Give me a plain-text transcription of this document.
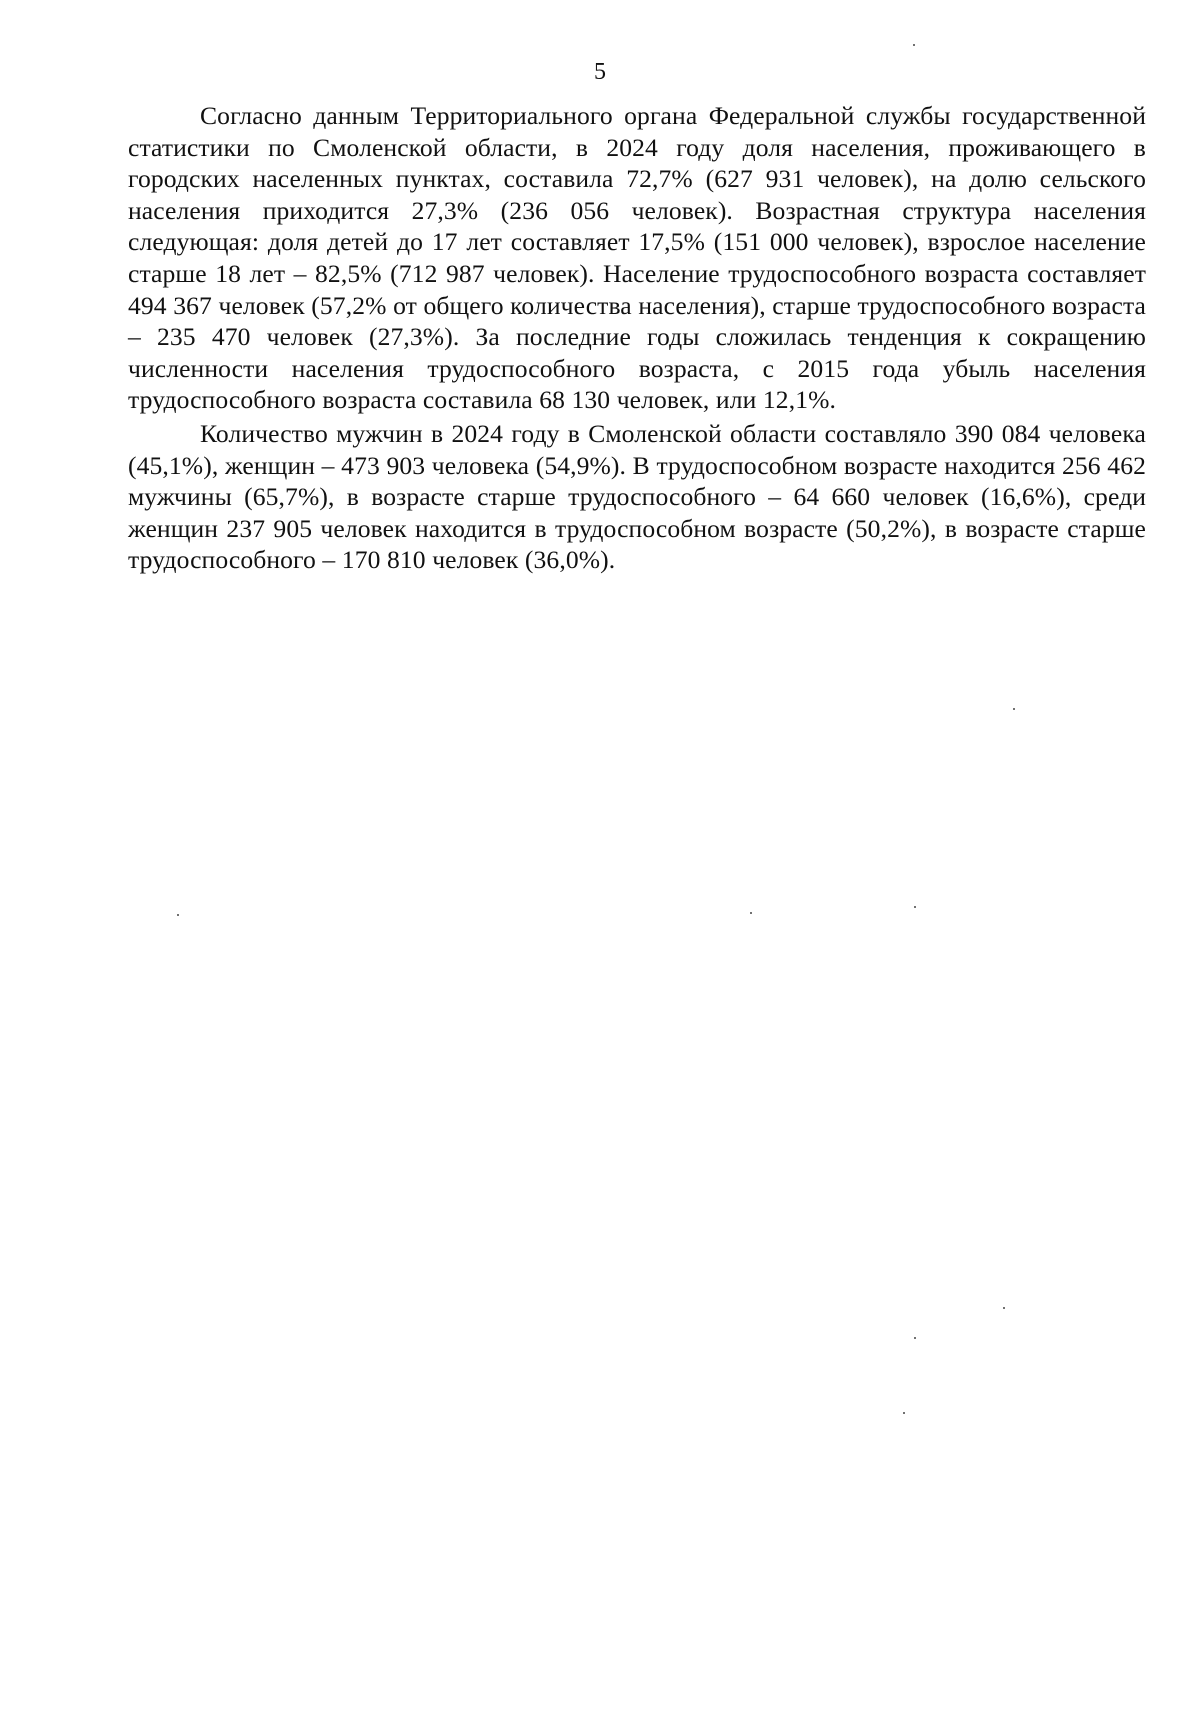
5

Согласно данным Территориального органа Федеральной службы государственной статистики по Смоленской области, в 2024 году доля населения, проживающего в городских населенных пунктах, составила 72,7% (627 931 человек), на долю сельского населения приходится 27,3% (236 056 человек). Возрастная структура населения следующая: доля детей до 17 лет составляет 17,5% (151 000 человек), взрослое население старше 18 лет – 82,5% (712 987 человек). Население трудоспособного возраста составляет 494 367 человек (57,2% от общего количества населения), старше трудоспособного возраста – 235 470 человек (27,3%). За последние годы сложилась тенденция к сокращению численности населения трудоспособного возраста, с 2015 года убыль населения трудоспособного возраста составила 68 130 человек, или 12,1%.

Количество мужчин в 2024 году в Смоленской области составляло 390 084 человека (45,1%), женщин – 473 903 человека (54,9%). В трудоспособном возрасте находится 256 462 мужчины (65,7%), в возрасте старше трудоспособного – 64 660 человек (16,6%), среди женщин 237 905 человек находится в трудоспособном возрасте (50,2%), в возрасте старше трудоспособного – 170 810 человек (36,0%).
